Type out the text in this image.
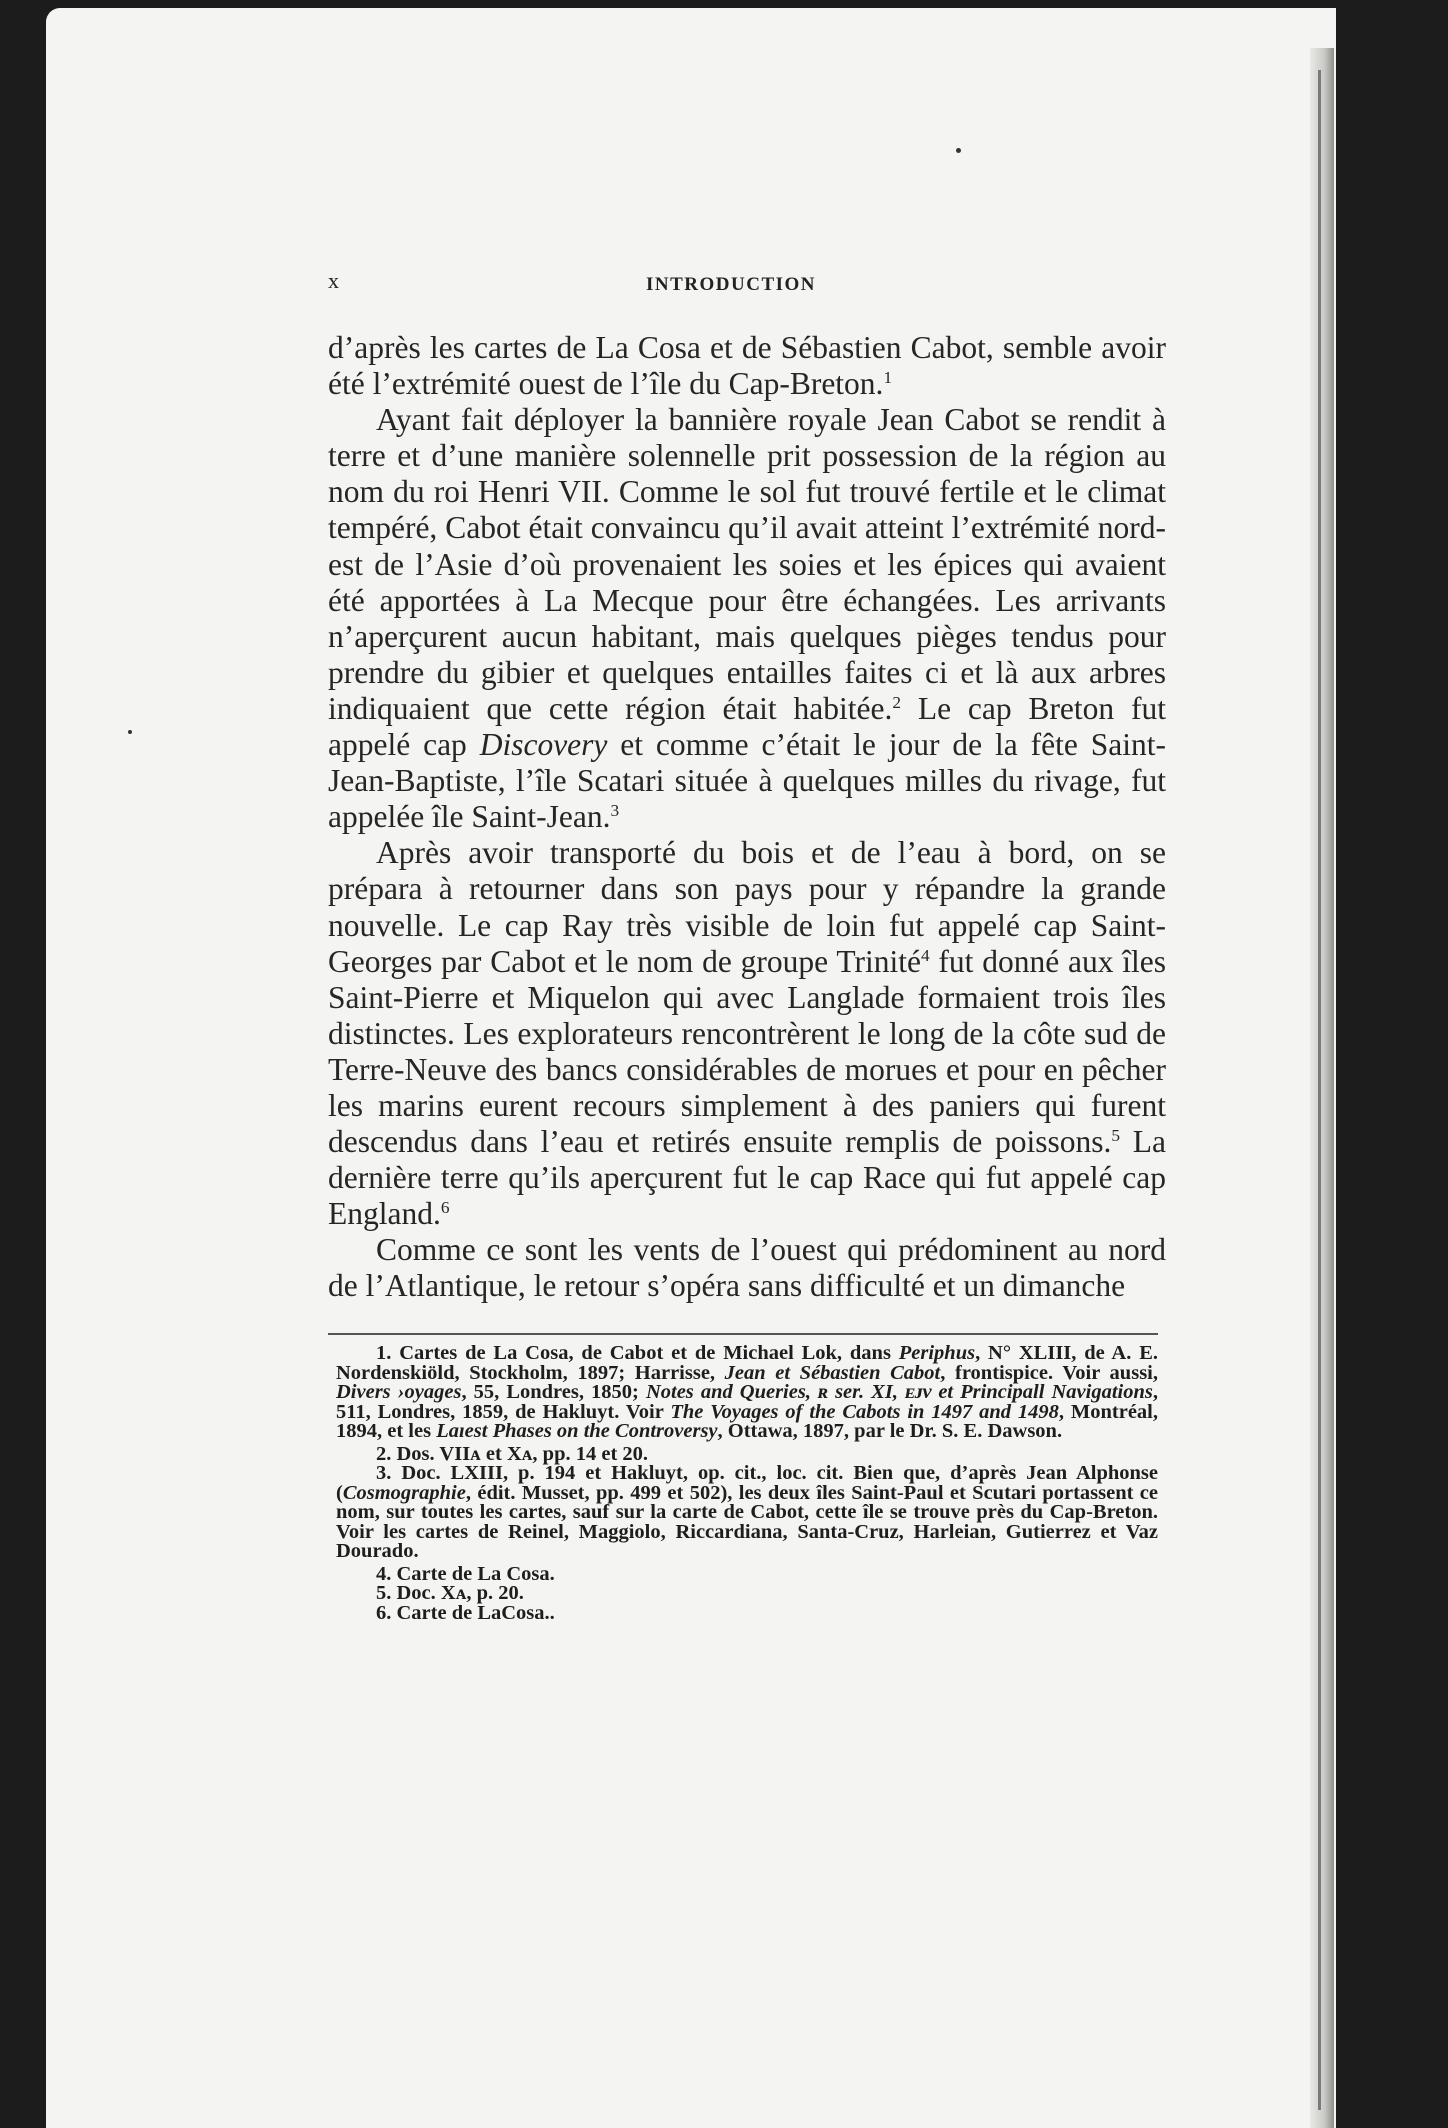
x	INTRODUCTION

d’après les cartes de La Cosa et de Sébastien Cabot, semble avoir été l’extrémité ouest de l’île du Cap-Breton.$^1$

Ayant fait déployer la bannière royale Jean Cabot se rendit à terre et d’une manière solennelle prit possession de la région au nom du roi Henri VII. Comme le sol fut trouvé fertile et le climat tempéré, Cabot était convaincu qu’il avait atteint l’extrémité nord-est de l’Asie d’où provenaient les soies et les épices qui avaient été apportées à La Mecque pour être échangées. Les arrivants n’aperçurent aucun habitant, mais quelques pièges tendus pour prendre du gibier et quelques entailles faites ci et là aux arbres indiquaient que cette région était habitée.$^2$ Le cap Breton fut appelé cap Discovery et comme c’était le jour de la fête Saint-Jean-Baptiste, l’île Scatari située à quelques milles du rivage, fut appelée île Saint-Jean.$^3$

Après avoir transporté du bois et de l’eau à bord, on se prépara à retourner dans son pays pour y répandre la grande nouvelle. Le cap Ray très visible de loin fut appelé cap Saint-Georges par Cabot et le nom de groupe Trinité$^4$ fut donné aux îles Saint-Pierre et Miquelon qui avec Langlade formaient trois îles distinctes. Les explorateurs rencontrèrent le long de la côte sud de Terre-Neuve des bancs considérables de morues et pour en pêcher les marins eurent recours simplement à des paniers qui furent descendus dans l’eau et retirés ensuite remplis de poissons.$^5$ La dernière terre qu’ils aperçurent fut le cap Race qui fut appelé cap England.$^6$

Comme ce sont les vents de l’ouest qui prédominent au nord de l’Atlantique, le retour s’opéra sans difficulté et un dimanche

1. Cartes de La Cosa, de Cabot et de Michael Lok, dans Periphus, N° XLIII, de A. E. Nordenskiöld, Stockholm, 1897; Harrisse, Jean et Sébastien Cabot, frontispice. Voir aussi, Divers ›oyages, 55, Londres, 1850; Notes and Queries, ʀ ser. XI, ᴇᴊᴠ et Principall Navigations, 511, Londres, 1859, de Hakluyt. Voir The Voyages of the Cabots in 1497 and 1498, Montréal, 1894, et les Laıest Phases on the Controversy, Ottawa, 1897, par le Dr. S. E. Dawson.

2. Dos. VIIᴀ et Xᴀ, pp. 14 et 20.

3. Doc. LXIII, p. 194 et Hakluyt, op. cit., loc. cit. Bien que, d’après Jean Alphonse (Cosmographie, édit. Musset, pp. 499 et 502), les deux îles Saint-Paul et Scutari portassent ce nom, sur toutes les cartes, sauf sur la carte de Cabot, cette île se trouve près du Cap-Breton. Voir les cartes de Reinel, Maggiolo, Riccardiana, Santa-Cruz, Harleian, Gutierrez et Vaz Dourado.

4. Carte de La Cosa.

5. Doc. Xᴀ, p. 20.

6. Carte de LaCosa..
